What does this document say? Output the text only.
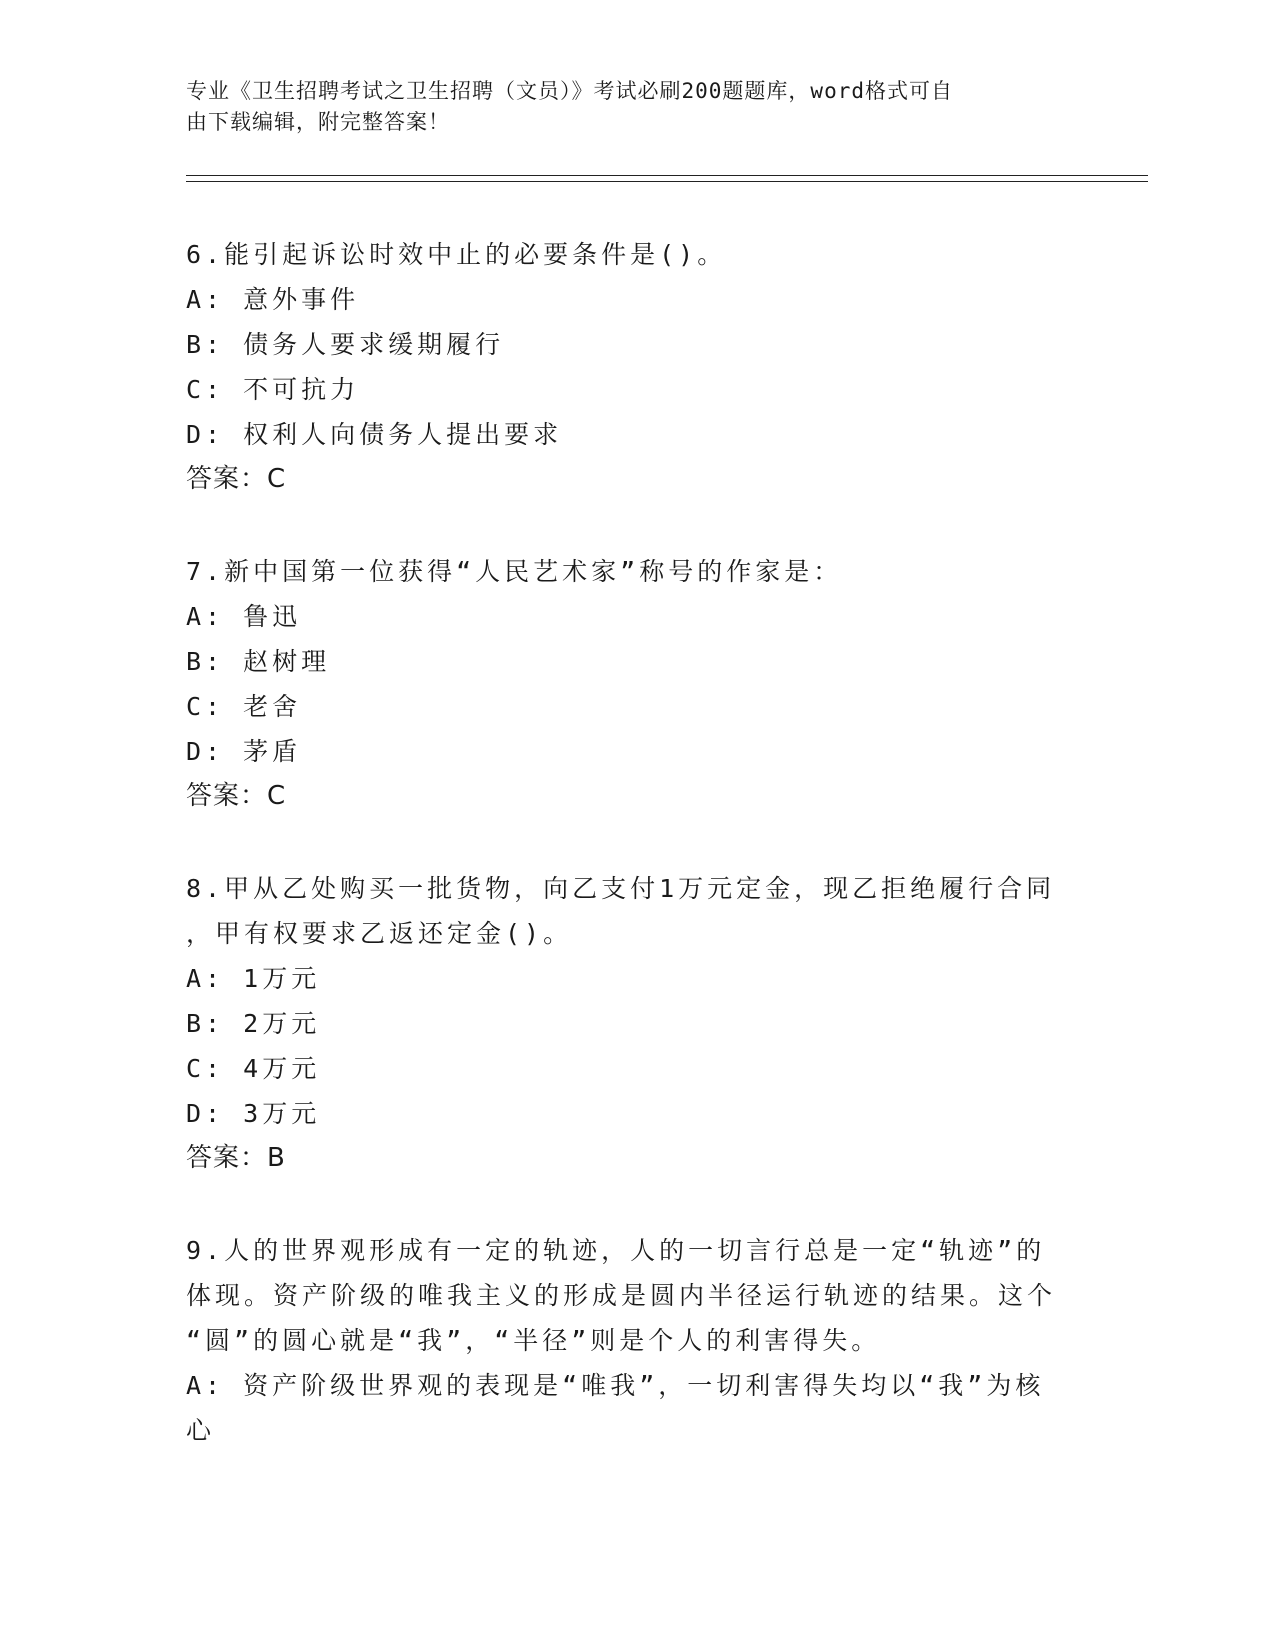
专业《卫生招聘考试之卫生招聘（文员）》考试必刷200题题库，word格式可自
由下载编辑，附完整答案！
6.能引起诉讼时效中止的必要条件是()。
A: 意外事件
B: 债务人要求缓期履行
C: 不可抗力
D: 权利人向债务人提出要求
答案：C
7.新中国第一位获得“人民艺术家”称号的作家是：
A: 鲁迅
B: 赵树理
C: 老舍
D: 茅盾
答案：C
8.甲从乙处购买一批货物，向乙支付1万元定金，现乙拒绝履行合同
，甲有权要求乙返还定金()。
A: 1万元
B: 2万元
C: 4万元
D: 3万元
答案：B
9.人的世界观形成有一定的轨迹，人的一切言行总是一定“轨迹”的
体现。资产阶级的唯我主义的形成是圆内半径运行轨迹的结果。这个
“圆”的圆心就是“我”，“半径”则是个人的利害得失。
A: 资产阶级世界观的表现是“唯我”，一切利害得失均以“我”为核
心
